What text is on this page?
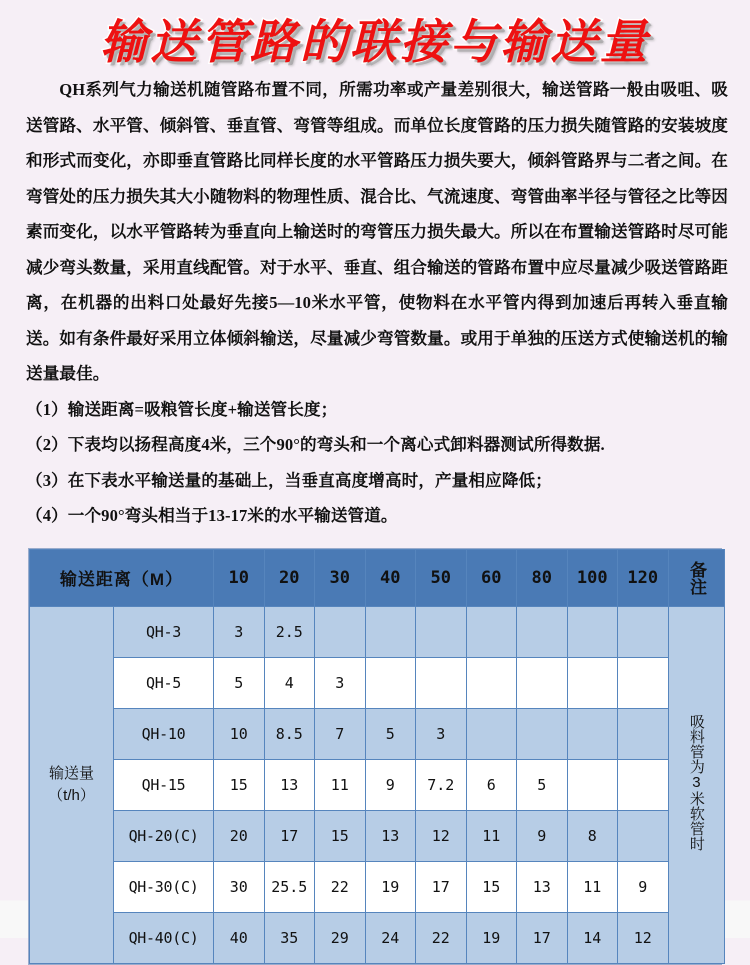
输送管路的联接与输送量

QH系列气力输送机随管路布置不同，所需功率或产量差别很大，输送管路一般由吸咀、吸送管路、水平管、倾斜管、垂直管、弯管等组成。而单位长度管路的压力损失随管路的安装坡度和形式而变化，亦即垂直管路比同样长度的水平管路压力损失要大，倾斜管路界与二者之间。在弯管处的压力损失其大小随物料的物理性质、混合比、气流速度、弯管曲率半径与管径之比等因素而变化，以水平管路转为垂直向上输送时的弯管压力损失最大。所以在布置输送管路时尽可能减少弯头数量，采用直线配管。对于水平、垂直、组合输送的管路布置中应尽量减少吸送管路距离，在机器的出料口处最好先接5—10米水平管，使物料在水平管内得到加速后再转入垂直输送。如有条件最好采用立体倾斜输送，尽量减少弯管数量。或用于单独的压送方式使输送机的输送量最佳。

（1）输送距离=吸粮管长度+输送管长度；

（2）下表均以扬程高度4米，三个90°的弯头和一个离心式卸料器测试所得数据.

（3）在下表水平输送量的基础上，当垂直高度增高时，产量相应降低；

（4）一个90°弯头相当于13-17米的水平输送管道。

输送距离（M）		10	20	30	40	50	60	80	100	120	备注

输送量
（t/h）	QH-3	3	2.5								吸料管为3米软管时
	QH-5	5	4	3							
	QH-10	10	8.5	7	5	3					
	QH-15	15	13	11	9	7.2	6	5			
	QH-20(C)	20	17	15	13	12	11	9	8		
	QH-30(C)	30	25.5	22	19	17	15	13	11	9	
	QH-40(C)	40	35	29	24	22	19	17	14	12	
